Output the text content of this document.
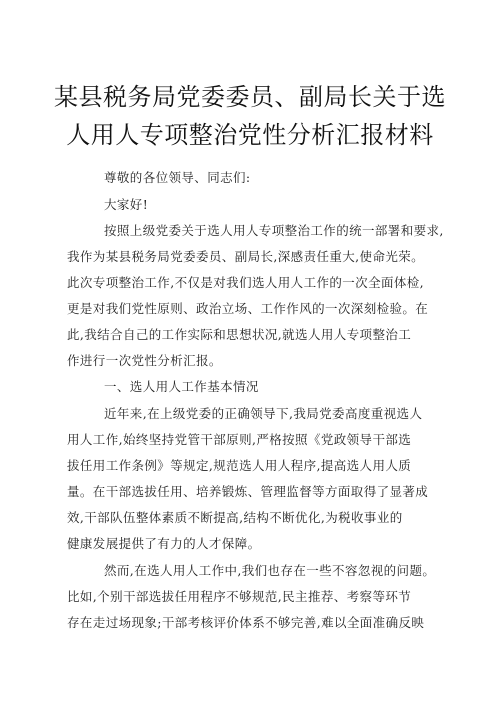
某县税务局党委委员、副局长关于选
人用人专项整治党性分析汇报材料
尊敬的各位领导、同志们:
大家好!
按照上级党委关于选人用人专项整治工作的统一部署和要求,
我作为某县税务局党委委员、副局长,深感责任重大,使命光荣。
此次专项整治工作,不仅是对我们选人用人工作的一次全面体检,
更是对我们党性原则、政治立场、工作作风的一次深刻检验。在
此,我结合自己的工作实际和思想状况,就选人用人专项整治工
作进行一次党性分析汇报。
一、选人用人工作基本情况
近年来,在上级党委的正确领导下,我局党委高度重视选人
用人工作,始终坚持党管干部原则,严格按照《党政领导干部选
拔任用工作条例》等规定,规范选人用人程序,提高选人用人质
量。在干部选拔任用、培养锻炼、管理监督等方面取得了显著成
效,干部队伍整体素质不断提高,结构不断优化,为税收事业的
健康发展提供了有力的人才保障。
然而,在选人用人工作中,我们也存在一些不容忽视的问题。
比如,个别干部选拔任用程序不够规范,民主推荐、考察等环节
存在走过场现象;干部考核评价体系不够完善,难以全面准确反映
